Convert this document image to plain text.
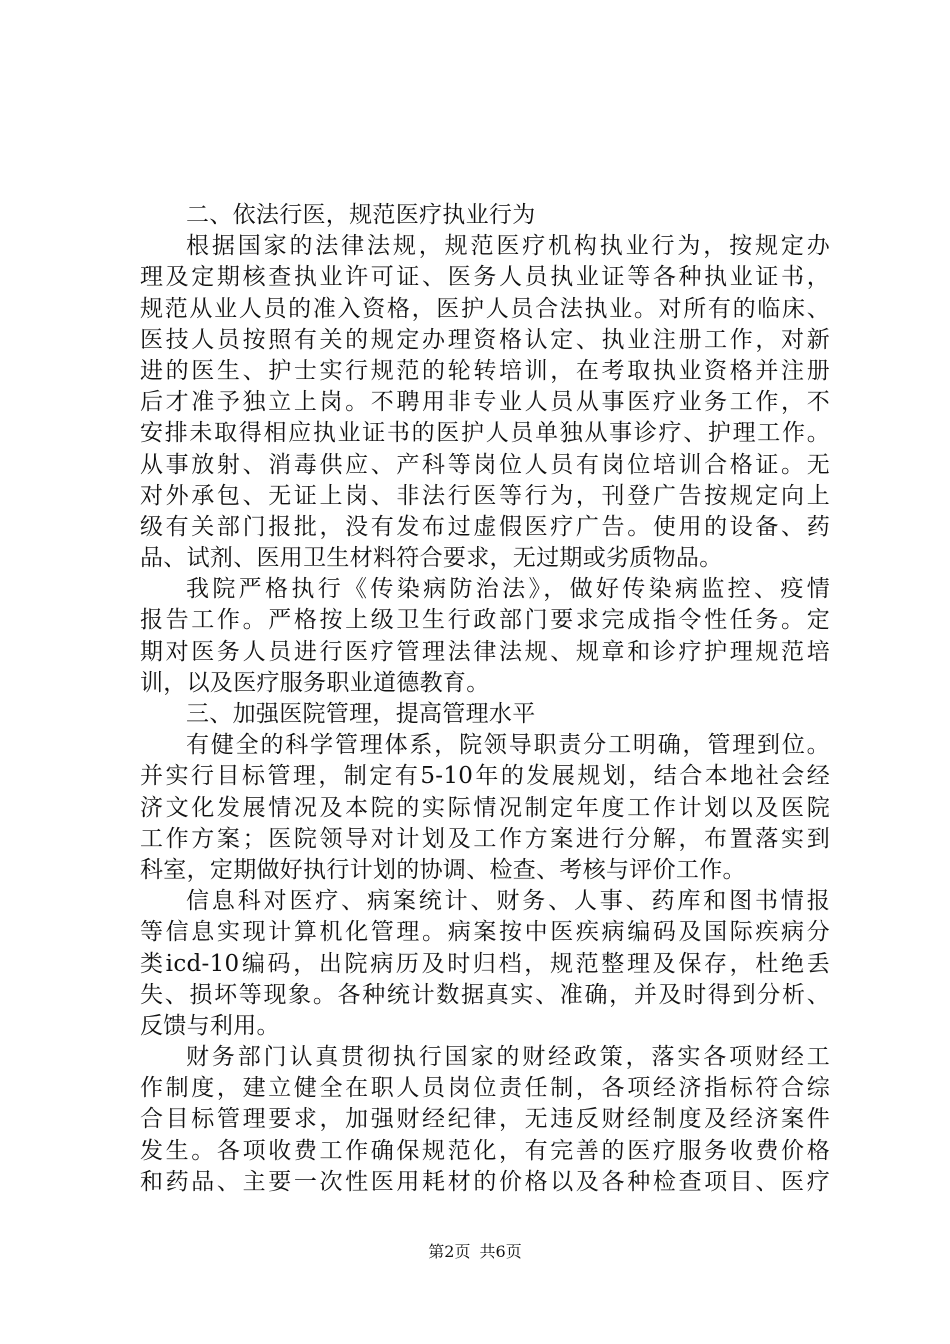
二、依法行医，规范医疗执业行为
根据国家的法律法规，规范医疗机构执业行为，按规定办
理及定期核查执业许可证、医务人员执业证等各种执业证书，
规范从业人员的准入资格，医护人员合法执业。对所有的临床、
医技人员按照有关的规定办理资格认定、执业注册工作，对新
进的医生、护士实行规范的轮转培训，在考取执业资格并注册
后才准予独立上岗。不聘用非专业人员从事医疗业务工作，不
安排未取得相应执业证书的医护人员单独从事诊疗、护理工作。
从事放射、消毒供应、产科等岗位人员有岗位培训合格证。无
对外承包、无证上岗、非法行医等行为，刊登广告按规定向上
级有关部门报批，没有发布过虚假医疗广告。使用的设备、药
品、试剂、医用卫生材料符合要求，无过期或劣质物品。
我院严格执行《传染病防治法》，做好传染病监控、疫情
报告工作。严格按上级卫生行政部门要求完成指令性任务。定
期对医务人员进行医疗管理法律法规、规章和诊疗护理规范培
训，以及医疗服务职业道德教育。
三、加强医院管理，提高管理水平
有健全的科学管理体系，院领导职责分工明确，管理到位。
并实行目标管理，制定有5-10年的发展规划，结合本地社会经
济文化发展情况及本院的实际情况制定年度工作计划以及医院
工作方案；医院领导对计划及工作方案进行分解，布置落实到
科室，定期做好执行计划的协调、检查、考核与评价工作。
信息科对医疗、病案统计、财务、人事、药库和图书情报
等信息实现计算机化管理。病案按中医疾病编码及国际疾病分
类icd-10编码，出院病历及时归档，规范整理及保存，杜绝丢
失、损坏等现象。各种统计数据真实、准确，并及时得到分析、
反馈与利用。
财务部门认真贯彻执行国家的财经政策，落实各项财经工
作制度，建立健全在职人员岗位责任制，各项经济指标符合综
合目标管理要求，加强财经纪律，无违反财经制度及经济案件
发生。各项收费工作确保规范化，有完善的医疗服务收费价格
和药品、主要一次性医用耗材的价格以及各种检查项目、医疗
第2页 共6页
